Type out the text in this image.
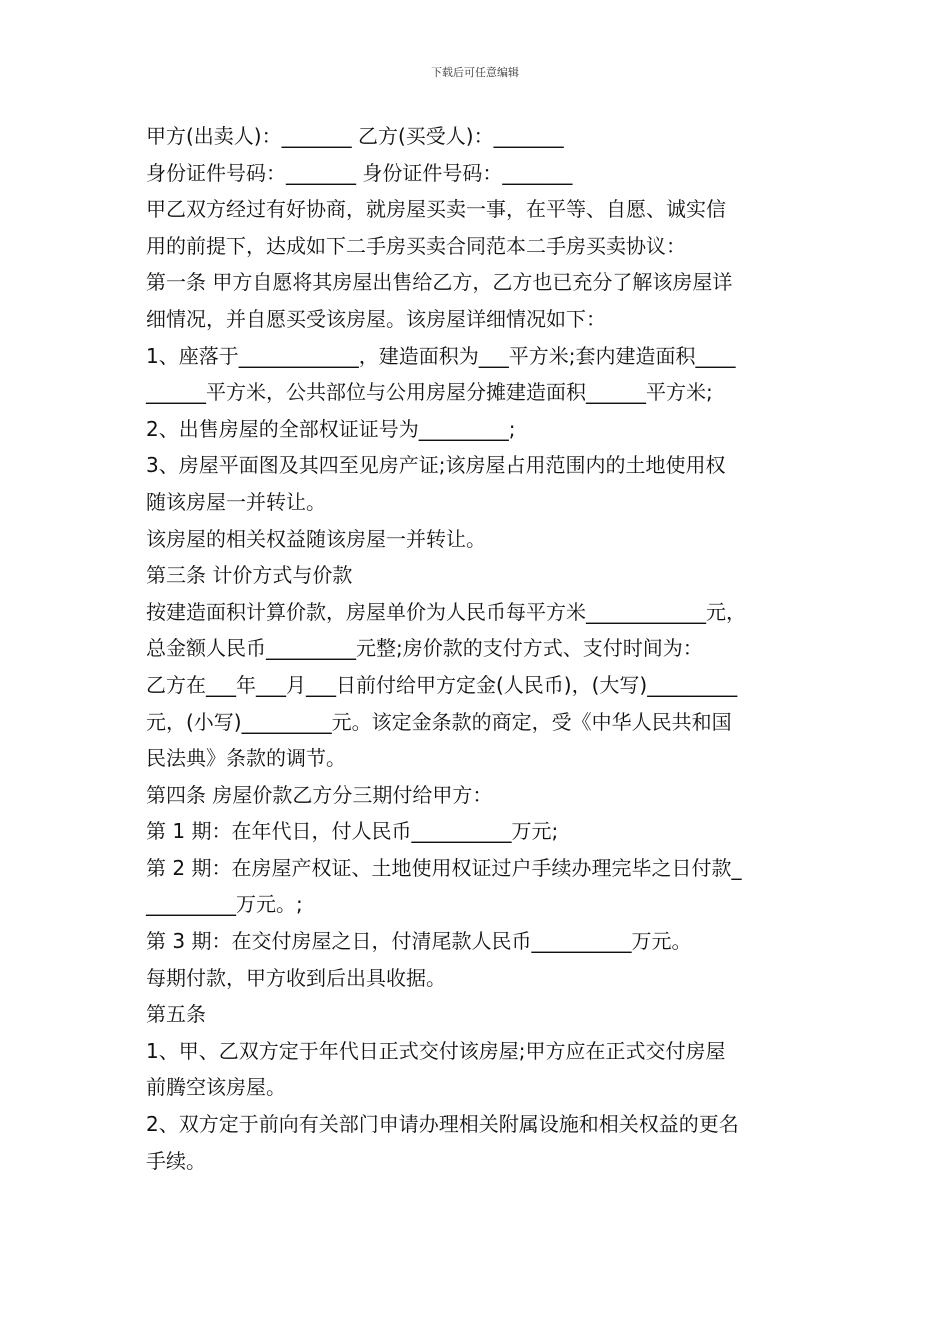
下载后可任意编辑
甲方(出卖人)：_______ 乙方(买受人)：_______
身份证件号码：_______ 身份证件号码：_______
甲乙双方经过有好协商，就房屋买卖一事，在平等、自愿、诚实信
用的前提下，达成如下二手房买卖合同范本二手房买卖协议：
第一条 甲方自愿将其房屋出售给乙方，乙方也已充分了解该房屋详
细情况，并自愿买受该房屋。该房屋详细情况如下：
1、座落于____________，建造面积为___平方米;套内建造面积____
______平方米，公共部位与公用房屋分摊建造面积______平方米;
2、出售房屋的全部权证证号为_________;
3、房屋平面图及其四至见房产证;该房屋占用范围内的土地使用权
随该房屋一并转让。
该房屋的相关权益随该房屋一并转让。
第三条 计价方式与价款
按建造面积计算价款，房屋单价为人民币每平方米____________元，
总金额人民币_________元整;房价款的支付方式、支付时间为：
乙方在___年___月___日前付给甲方定金(人民币)，(大写)_________
元，(小写)_________元。该定金条款的商定，受《中华人民共和国
民法典》条款的调节。
第四条 房屋价款乙方分三期付给甲方：
第 1 期：在年代日，付人民币__________万元;
第 2 期：在房屋产权证、土地使用权证过户手续办理完毕之日付款_
_________万元。;
第 3 期：在交付房屋之日，付清尾款人民币__________万元。
每期付款，甲方收到后出具收据。
第五条
1、甲、乙双方定于年代日正式交付该房屋;甲方应在正式交付房屋
前腾空该房屋。
2、双方定于前向有关部门申请办理相关附属设施和相关权益的更名
手续。
